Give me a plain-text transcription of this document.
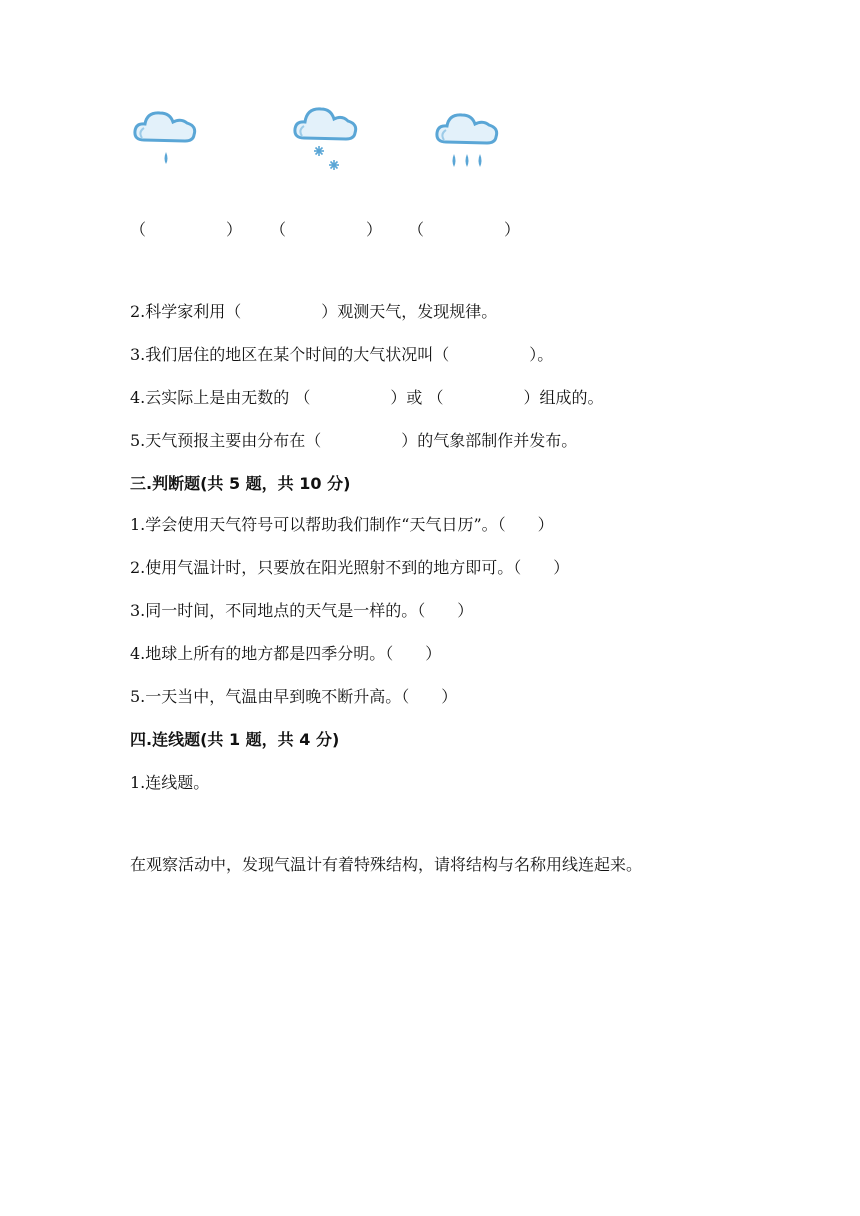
（　　　　　） （　　　　　） （　　　　　）
2.科学家利用（　　　　　）观测天气，发现规律。
3.我们居住的地区在某个时间的大气状况叫（　　　　　）。
4.云实际上是由无数的 （　　　　　）或 （　　　　　）组成的。
5.天气预报主要由分布在（　　　　　）的气象部制作并发布。
三.判断题(共 5 题，共 10 分)
1.学会使用天气符号可以帮助我们制作“天气日历”。（　　）
2.使用气温计时，只要放在阳光照射不到的地方即可。（　　）
3.同一时间，不同地点的天气是一样的。（　　）
4.地球上所有的地方都是四季分明。（　　）
5.一天当中，气温由早到晚不断升高。（　　）
四.连线题(共 1 题，共 4 分)
1.连线题。
在观察活动中，发现气温计有着特殊结构，请将结构与名称用线连起来。
